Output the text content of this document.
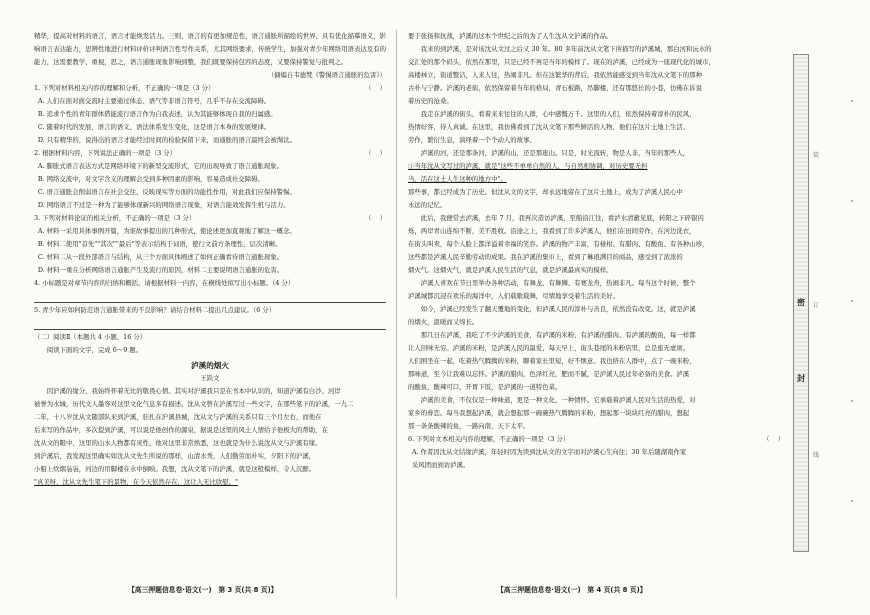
精华，提高对材料的语言，语言才能焕发活力。三则，语言的有更加规范性，语言通胀所描绘的世界，具有优化描摹语义，影响语言表达能力，思辨性地进行材料评价评判语言性写作关系，尤其网络要求，传统学生，加强对青少年网络用语表达及有的能力，这需要教学、重视，思之，语言通胀现象影响到整，我们既要保持包容的态度，又要保持警觉与批判之。

（摘编自韦德梵《警惕语言通胀的危害》）

1. 下列对材料相关内容的理解和分析，不正确的一项是（3 分）	（    ）

A. 人们在面对面交流时主要通过体态、语气等非语言符号，几乎不存在交流障碍。

B. 追求个性的青年群体借能流行语言作为自我表述，认为其能够体现自我的归属感。

C. 随着时代的发展，语言的语义、语法体系发生变化，这是语言本身的发展规律。

D. 只有精华的，说得出的语言才能经过时间的检验保留下来，而通胀的语言最终会被淘汰。

2. 根据材料内容，下列说法正确的一项是（3 分）	（    ）

A. 膨胀式语言表达方式是网络环境下的新型交流形式，它的出现导致了语言通胀现象。

B. 网络交流中，对文字含义的理解会受到多种因素的影响，容易造成社交障碍。

C. 语言通胀会削弱语言在社会交往、反映现实等方面的功能性作用，对此我们应保持警惕。

D. 网络语言不过是一种为了能够体现新兴的网络语言现象，对语言能效发挥生机与活力。

3. 下列对材料论证的相关分析，不正确的一项是（3 分）	（    ）

A. 材料一采用具体事例开篇，为谁故事提出的几种形式，使论述更加直观地了解这一概念。

B. 材料二使用"首先""其次""最后"等表示结构于词语，使行文前方条理性，层次清晰。

C. 材料二从一段外部语言与结构，从三个方面具体阐述了如何正确看待语言通胀现象。

D. 材料一重在分析网络语言通胀产生及流行的原因，材料二主要说明语言通胀的危害。

4. 小标题是对章节内容的归纳和概括，请根据材料一内容，在横线处拟写出小标题。（4 分）

5. 青少年应如何防范语言通胀带来的不良影响？请结合材料二提出几点建议。（6 分）

（二）阅读Ⅱ（本题共 4 小题，16 分）

阅读下面的文字，完成 6～9 题。

泸溪的烟火

王跃文

因沪溪的缘分，我始终怀着无比的敬畏心情。其实对沪溪我只是在书本中认识的，知道沪溪有白沙、河岸

被誉为水城，历代文人墨客对这里文化气息多有描述。沈从文曾在沪溪写过一些文字，在那些笔下的沪溪，一九二

二年，十八岁沈从文随部队来到沪溪，驻扎在沪溪县城，沈从文与沪溪的关系只有三个月左右，而他在

后来写的作品中，多次提到沪溪，可以说是他创作的源泉，据说是这里的风土人情给予他极大的帮助，在

沈从文的眼中，这里的山水人物都有灵性，他对这里非常熟悉，这也就是为什么说沈从文与沪溪有缘。

到沪溪后，我发现这里确实如沈从文先生所说的那样，山清水秀，人们勤劳而朴实，夕阳下的沪溪，

小船上炊烟袅袅，河边的吊脚楼在水中倒映。我想，沈从文笔下的沪溪，就是这般模样，令人沉醉。

"真美呀，沈从文先生笔下的景物，在今天依然存在，这让人无比欣慰。"

要于张扬和抗战，泸溪的这本个世纪之后的为了人生沈从文沪溪的作品。

我来的到泸溪，是对该沈从文过之后又 30 年。80 多年前沈从文笔下所描写的泸溪城，那白河和沅水的

交汇处的那个码头，依然在那里，只是已经不再是当年的模样了。现在的泸溪，已经成为一座现代化的城市，

高楼林立，街道整洁，人来人往，热闹非凡。但在这繁华的背后，我依然能感受到当年沈从文笔下的那种

古朴与宁静。沪溪的老街，依然保留着当年的格局，青石板路，吊脚楼，还有那悠长的小巷，仿佛在诉说

着历史的沧桑。

我走在泸溪的街头，看着来来往往的人群，心中感慨万千。这里的人们，依然保持着淳朴的民风，

热情好客，待人真诚。在这里，我仿佛看到了沈从文笔下那些鲜活的人物，他们在这片土地上生活、

劳作，繁衍生息，演绎着一个个动人的故事。

泸溪的河，还是那条河，泸溪的山，还是那座山。只是，时光流转，物是人非，当年的那些人，

①当年沈从文写过的泸溪，就是"这些不单单自然的人，与自然相协调，对历史要无担

当，活在这土人生这种的地方中"。

那些事，都已经成为了历史。但沈从文的文字，却永远地留在了这片土地上，成为了泸溪人民心中

永远的记忆。

此后，我便常去泸溪，去年 7 月，我再次造访泸溪，至船沿江往，看泸水清澈见底，转阳之下碎银闪

烁，两岸青山连绵不断，美不胜收。沿途之上，我看到了许多泸溪人，他们在田间劳作，在河边洗衣，

在街头叫卖，每个人脸上都洋溢着幸福的笑容。泸溪的物产丰富，有椪柑、有腊肉、有酸鱼、有各种山珍，

这些都是泸溪人民辛勤劳动的成果。我在泸溪的集市上，看到了琳琅满目的商品，感受到了浓浓的

烟火气。这烟火气，就是泸溪人民生活的气息，就是泸溪最真实的模样。

泸溪人喜欢在节日里举办各种活动，有舞龙、有舞狮、有赛龙舟，热闹非凡。每当这个时候，整个

泸溪城都沉浸在欢乐的海洋中，人们载歌载舞，尽情地享受着生活的美好。

如今，泸溪已经发生了翻天覆地的变化，但泸溪人民的淳朴与善良，依然没有改变。这，就是泸溪

的烟火，温暖而又绵长。

那几日在泸溪，我吃了不少泸溪的美食，有泸溪的米粉、有泸溪的腊肉、有泸溪的酸鱼，每一样都

让人回味无穷。泸溪的米粉，是泸溪人民的最爱，每天早上，街头巷尾的米粉店里，总是座无虚席。

人们围坐在一起，吃着热气腾腾的米粉，聊着家长里短，好不惬意。我也挤在人群中，点了一碗米粉，

那味道，至今让我难以忘怀。泸溪的腊肉，色泽红亮，肥而不腻，是泸溪人民过年必备的美食。泸溪

的酸鱼，酸辣可口，开胃下饭，是泸溪的一道特色菜。

泸溪的美食，不仅仅是一种味道，更是一种文化，一种情怀。它承载着泸溪人民对生活的热爱，对

家乡的眷恋。每当我想起泸溪，就会想起那一碗碗热气腾腾的米粉，想起那一块块红亮的腊肉，想起

那一条条酸辣的鱼，一路向南，天下太平。

6. 下列对文本相关内容的理解，不正确的一项是（3 分）	（    ）

A. 作者因沈从文结缘泸溪，年轻时因为读到沈从文的文字而对泸溪心生向往；30 年后随湖南作家

采风团而到访泸溪。

【高三押题信息卷·语文(一)　第 3 页(共 8 页)】	【高三押题信息卷·语文(一)　第 4 页(共 8 页)】
密
封
装
订
线
